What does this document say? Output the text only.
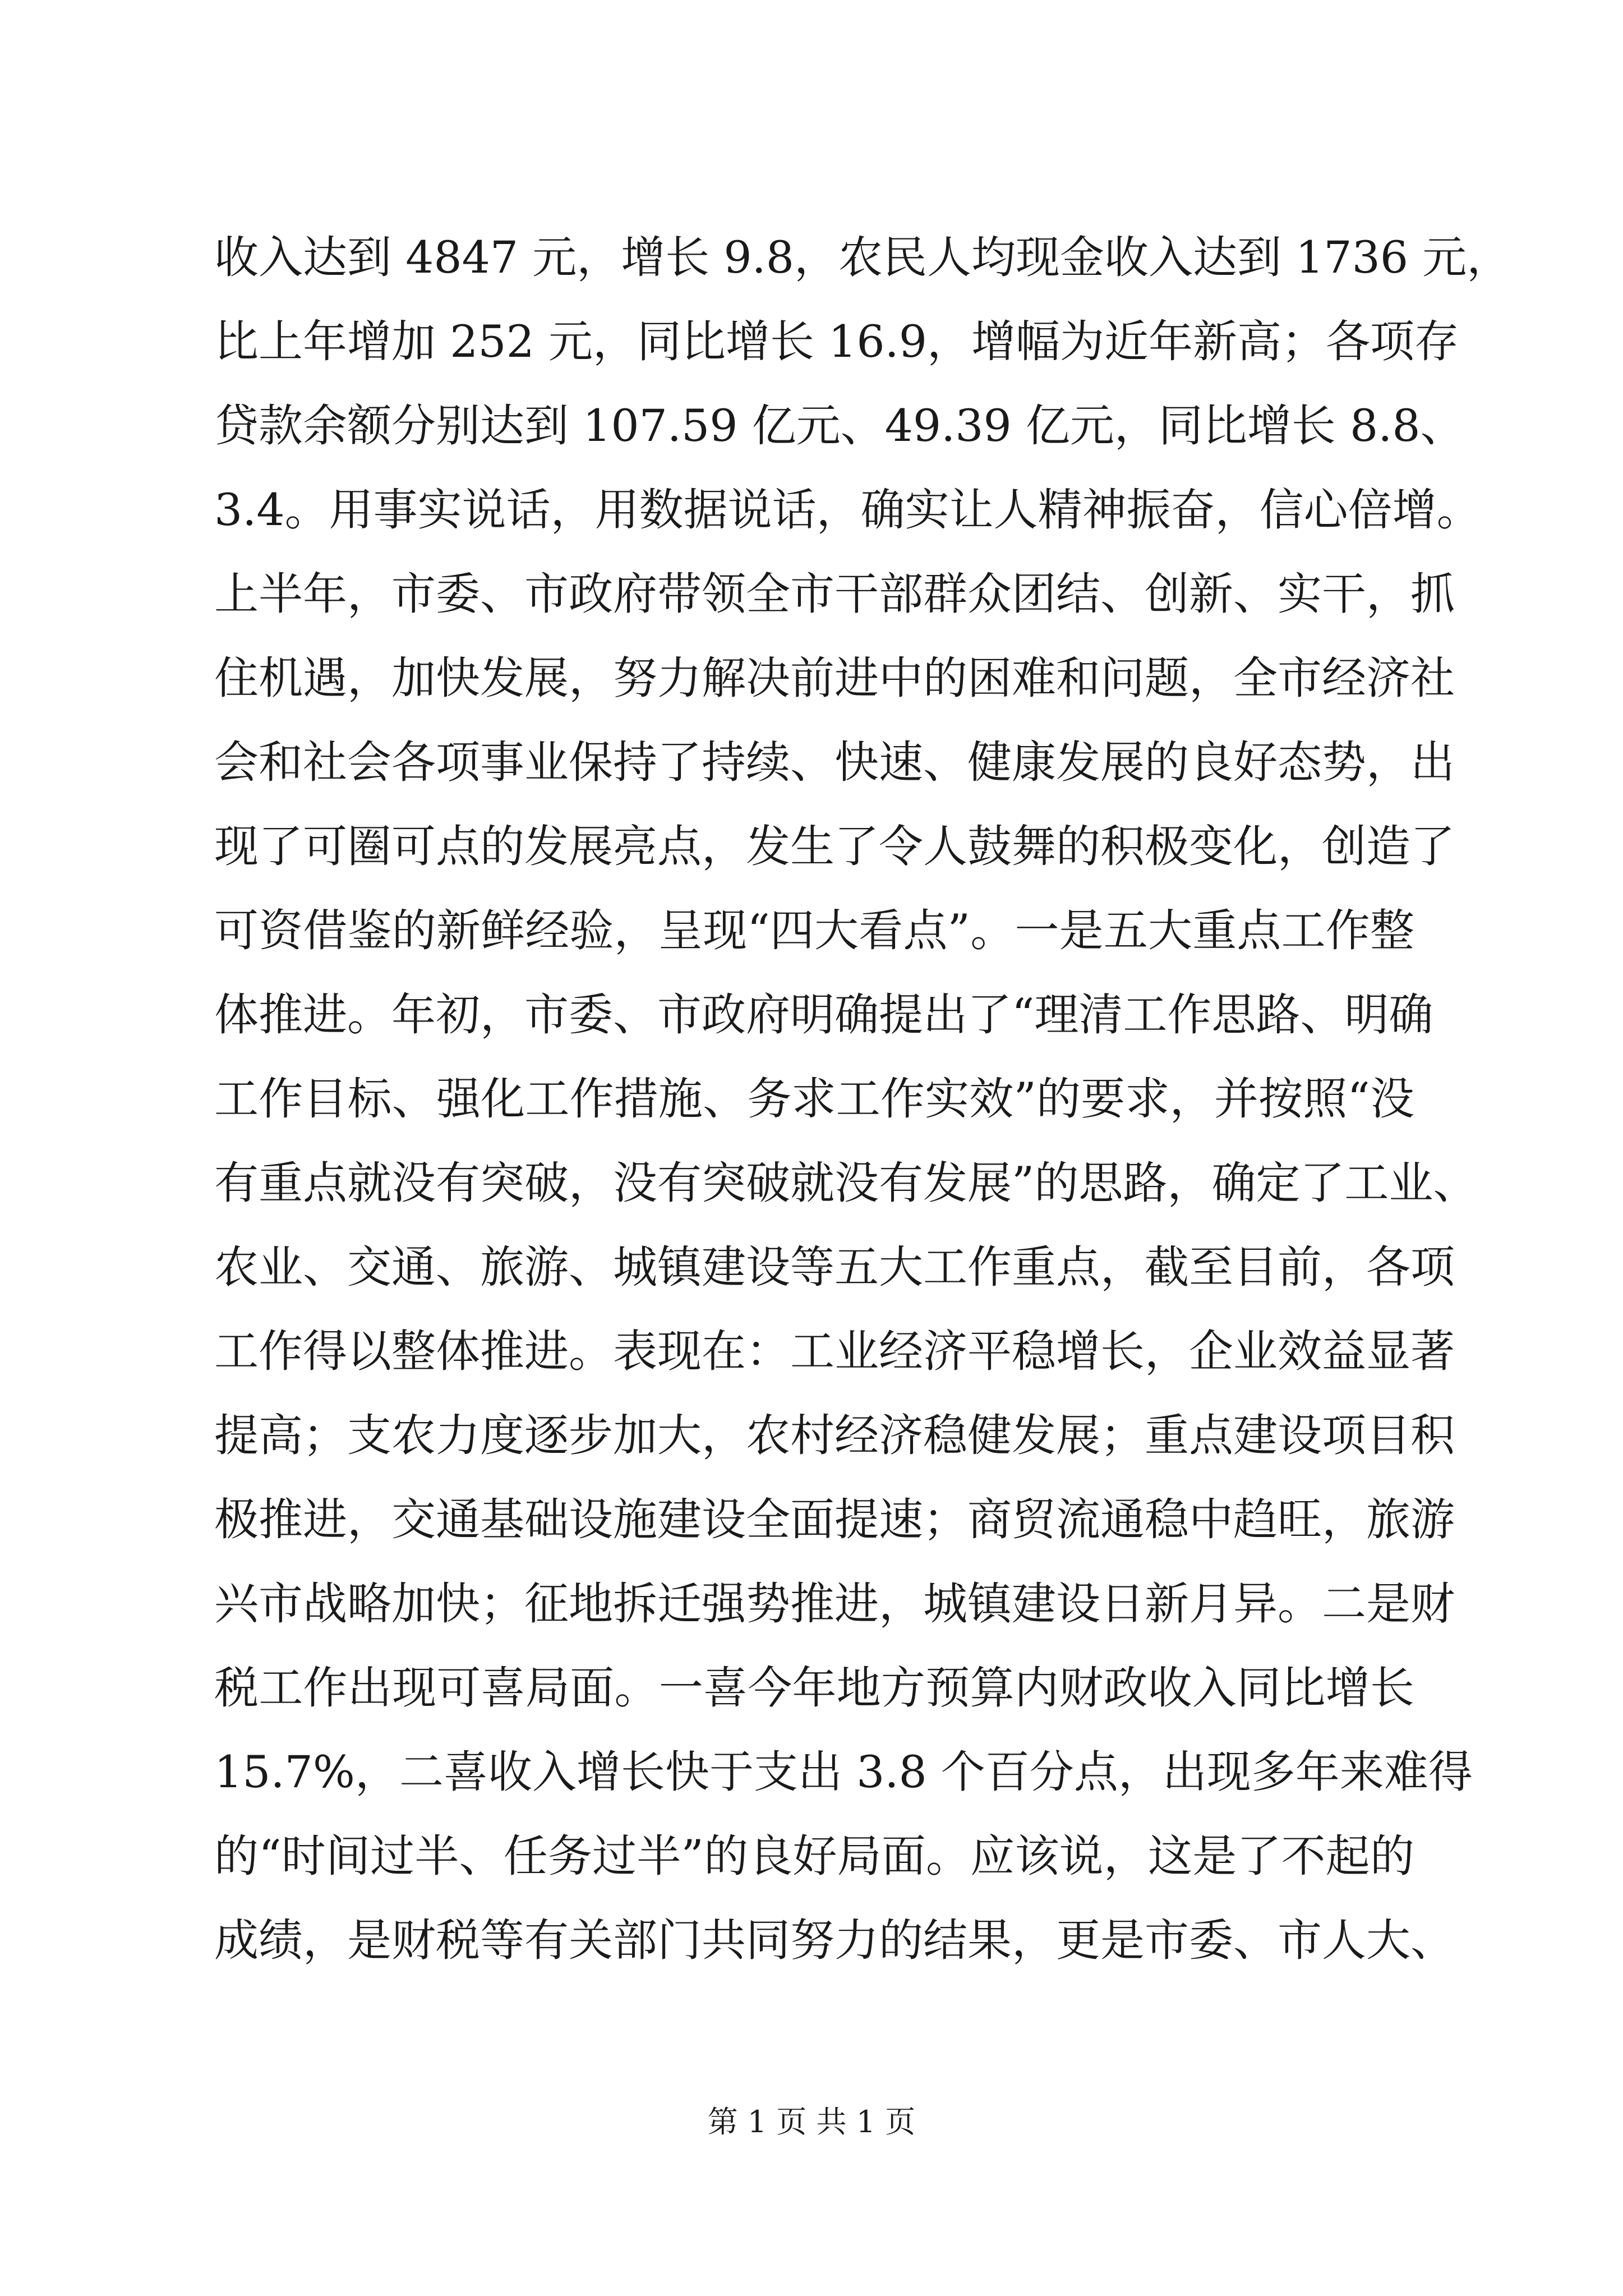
收入达到 4847 元，增长 9.8，农民人均现金收入达到 1736 元，
比上年增加 252 元，同比增长 16.9，增幅为近年新高；各项存
贷款余额分别达到 107.59 亿元、49.39 亿元，同比增长 8.8、
3.4。用事实说话，用数据说话，确实让人精神振奋，信心倍增。
上半年，市委、市政府带领全市干部群众团结、创新、实干，抓
住机遇，加快发展，努力解决前进中的困难和问题，全市经济社
会和社会各项事业保持了持续、快速、健康发展的良好态势，出
现了可圈可点的发展亮点，发生了令人鼓舞的积极变化，创造了
可资借鉴的新鲜经验，呈现“四大看点”。一是五大重点工作整
体推进。年初，市委、市政府明确提出了“理清工作思路、明确
工作目标、强化工作措施、务求工作实效”的要求，并按照“没
有重点就没有突破，没有突破就没有发展”的思路，确定了工业、
农业、交通、旅游、城镇建设等五大工作重点，截至目前，各项
工作得以整体推进。表现在：工业经济平稳增长，企业效益显著
提高；支农力度逐步加大，农村经济稳健发展；重点建设项目积
极推进，交通基础设施建设全面提速；商贸流通稳中趋旺，旅游
兴市战略加快；征地拆迁强势推进，城镇建设日新月异。二是财
税工作出现可喜局面。一喜今年地方预算内财政收入同比增长
15.7%，二喜收入增长快于支出 3.8 个百分点，出现多年来难得
的“时间过半、任务过半”的良好局面。应该说，这是了不起的
成绩，是财税等有关部门共同努力的结果，更是市委、市人大、
第 1 页 共 1 页
